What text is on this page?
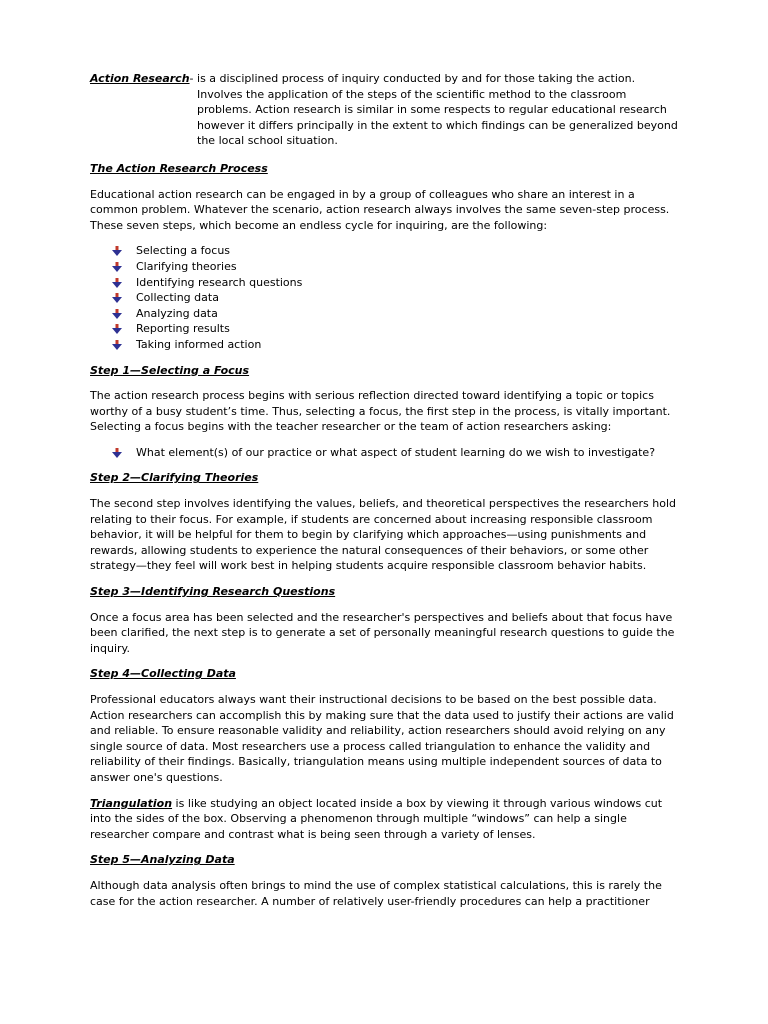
Action Research - is a disciplined process of inquiry conducted by and for those taking the action.
Involves the application of the steps of the scientific method to the classroom problems. Action research is similar in some respects to regular educational research however it differs principally in the extent to which findings can be generalized beyond the local school situation.

The Action Research Process

Educational action research can be engaged in by a group of colleagues who share an interest in a common problem. Whatever the scenario, action research always involves the same seven-step process. These seven steps, which become an endless cycle for inquiring, are the following:

Selecting a focus
Clarifying theories
Identifying research questions
Collecting data
Analyzing data
Reporting results
Taking informed action

Step 1—Selecting a Focus

The action research process begins with serious reflection directed toward identifying a topic or topics worthy of a busy student’s time. Thus, selecting a focus, the first step in the process, is vitally important. Selecting a focus begins with the teacher researcher or the team of action researchers asking:

What element(s) of our practice or what aspect of student learning do we wish to investigate?

Step 2—Clarifying Theories

The second step involves identifying the values, beliefs, and theoretical perspectives the researchers hold relating to their focus. For example, if students are concerned about increasing responsible classroom behavior, it will be helpful for them to begin by clarifying which approaches—using punishments and rewards, allowing students to experience the natural consequences of their behaviors, or some other strategy—they feel will work best in helping students acquire responsible classroom behavior habits.

Step 3—Identifying Research Questions

Once a focus area has been selected and the researcher's perspectives and beliefs about that focus have been clarified, the next step is to generate a set of personally meaningful research questions to guide the inquiry.

Step 4—Collecting Data

Professional educators always want their instructional decisions to be based on the best possible data. Action researchers can accomplish this by making sure that the data used to justify their actions are valid and reliable. To ensure reasonable validity and reliability, action researchers should avoid relying on any single source of data. Most researchers use a process called triangulation to enhance the validity and reliability of their findings. Basically, triangulation means using multiple independent sources of data to answer one's questions.

Triangulation is like studying an object located inside a box by viewing it through various windows cut into the sides of the box. Observing a phenomenon through multiple “windows” can help a single researcher compare and contrast what is being seen through a variety of lenses.

Step 5—Analyzing Data

Although data analysis often brings to mind the use of complex statistical calculations, this is rarely the case for the action researcher. A number of relatively user-friendly procedures can help a practitioner
